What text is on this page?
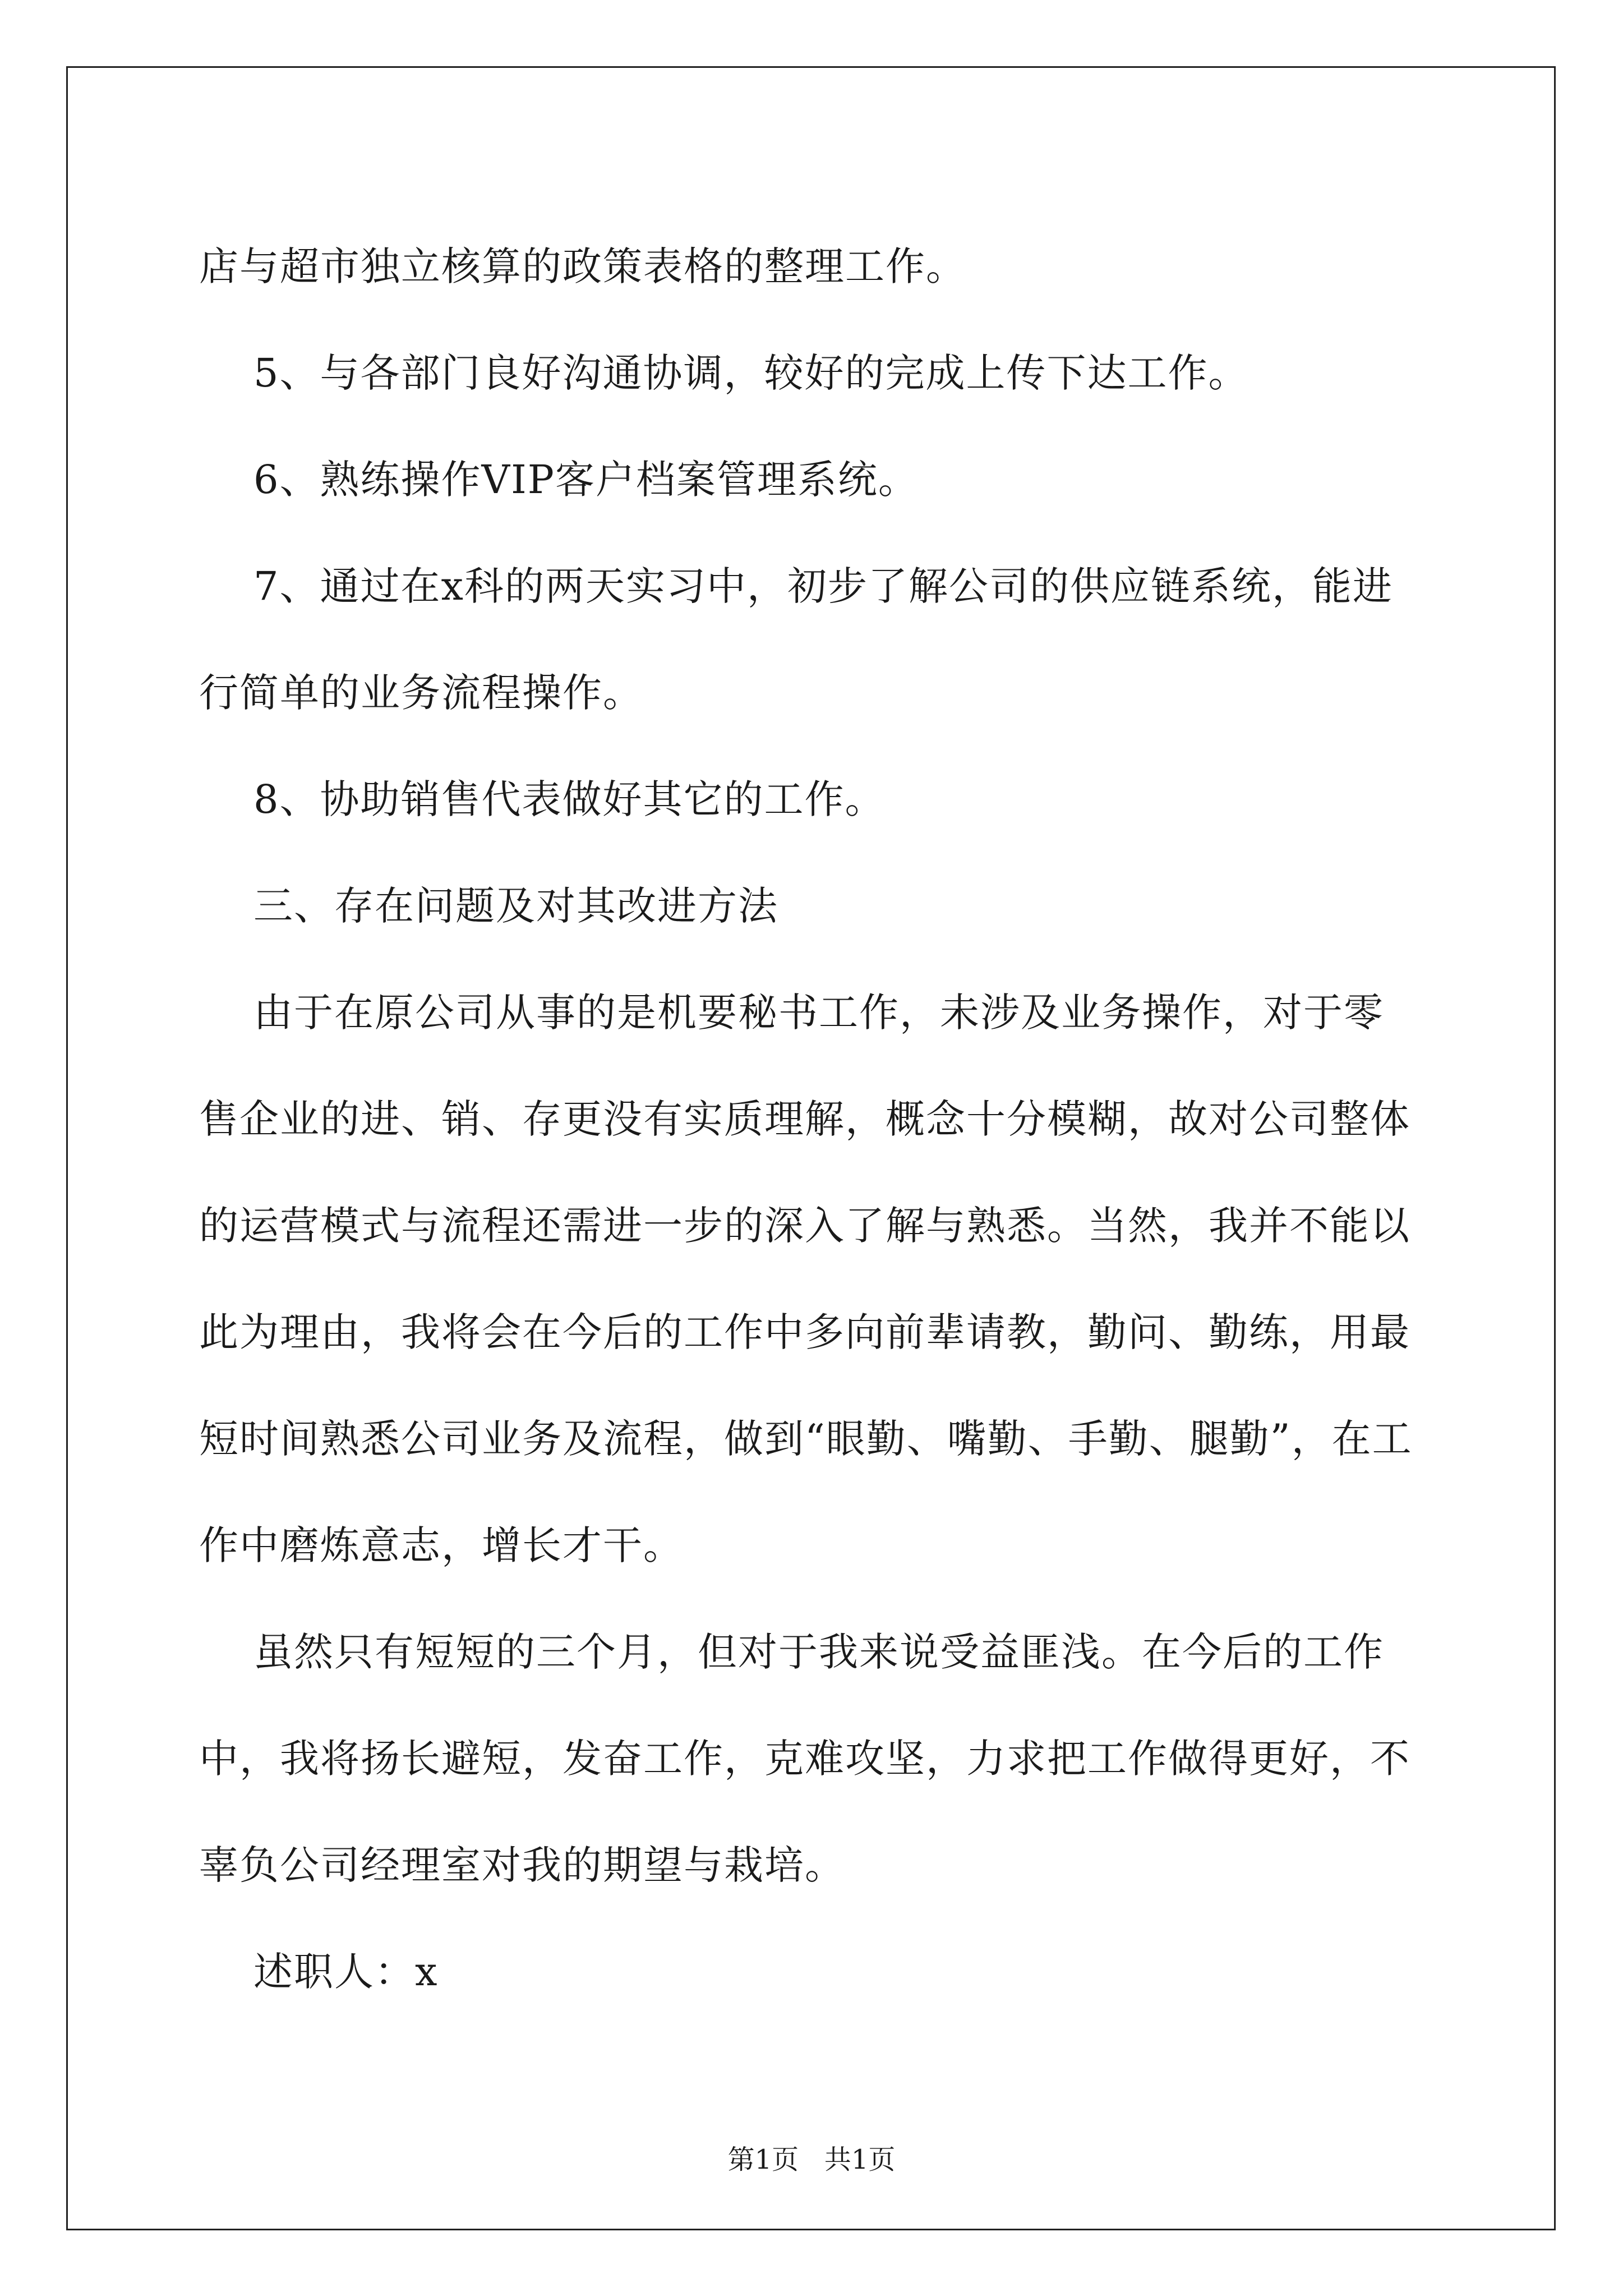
店与超市独立核算的政策表格的整理工作。

5、与各部门良好沟通协调，较好的完成上传下达工作。

6、熟练操作VIP客户档案管理系统。

7、通过在x科的两天实习中，初步了解公司的供应链系统，能进

行简单的业务流程操作。

8、协助销售代表做好其它的工作。

三、存在问题及对其改进方法

由于在原公司从事的是机要秘书工作，未涉及业务操作，对于零

售企业的进、销、存更没有实质理解，概念十分模糊，故对公司整体

的运营模式与流程还需进一步的深入了解与熟悉。当然，我并不能以

此为理由，我将会在今后的工作中多向前辈请教，勤问、勤练，用最

短时间熟悉公司业务及流程，做到“眼勤、嘴勤、手勤、腿勤”，在工

作中磨炼意志，增长才干。

虽然只有短短的三个月，但对于我来说受益匪浅。在今后的工作

中，我将扬长避短，发奋工作，克难攻坚，力求把工作做得更好，不

辜负公司经理室对我的期望与栽培。

述职人：x

第1页   共1页
